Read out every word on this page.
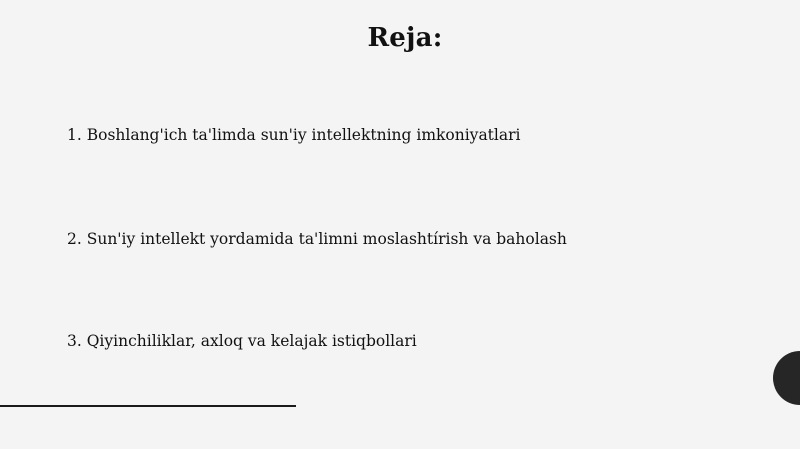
Reja:
1. Boshlang'ich ta'limda sun'iy intellektning imkoniyatlari
2. Sun'iy intellekt yordamida ta'limni moslashtírish va baholash
3. Qiyinchiliklar, axloq va kelajak istiqbollari
